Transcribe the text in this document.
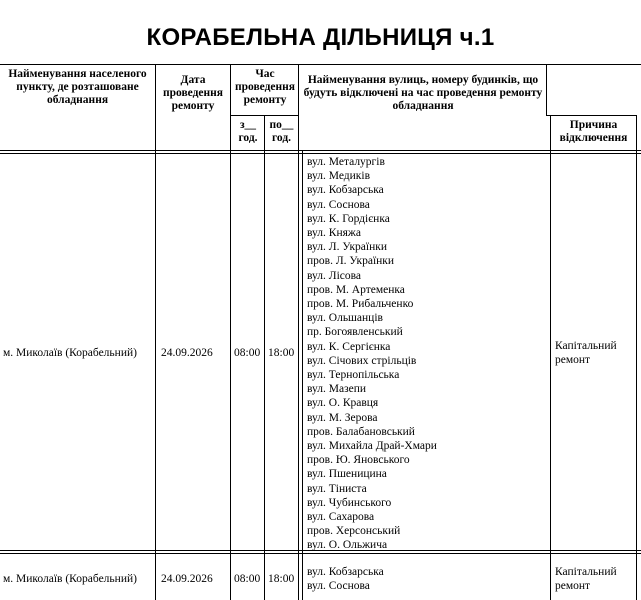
КОРАБЕЛЬНА ДІЛЬНИЦЯ ч.1
Найменування населеного пункту, де розташоване обладнання
Дата проведення ремонту
Час проведення ремонту
з__ год.
по__ год.
Найменування вулиць, номеру будинків, що будуть відключені на час проведення ремонту обладнання
Причина відключення
м. Миколаїв (Корабельний) 24.09.2026 08:00 18:00
вул. Металургів
вул. Медиків
вул. Кобзарська
вул. Соснова
вул. К. Гордієнка
вул. Княжа
вул. Л. Українки
пров. Л. Українки
вул. Лісова
пров. М. Артеменка
пров. М. Рибальченко
вул. Ольшанців
пр. Богоявленський
вул. К. Сергієнка
вул. Січових стрільців
вул. Тернопільська
вул. Мазепи
вул. О. Кравця
вул. М. Зерова
пров. Балабановський
вул. Михайла Драй-Хмари
пров. Ю. Яновського
вул. Пшеницина
вул. Тіниста
вул. Чубинського
вул. Сахарова
пров. Херсонський
вул. О. Ольжича
Капітальний ремонт
м. Миколаїв (Корабельний) 24.09.2026 08:00 18:00
вул. Кобзарська
вул. Соснова
Капітальний ремонт
